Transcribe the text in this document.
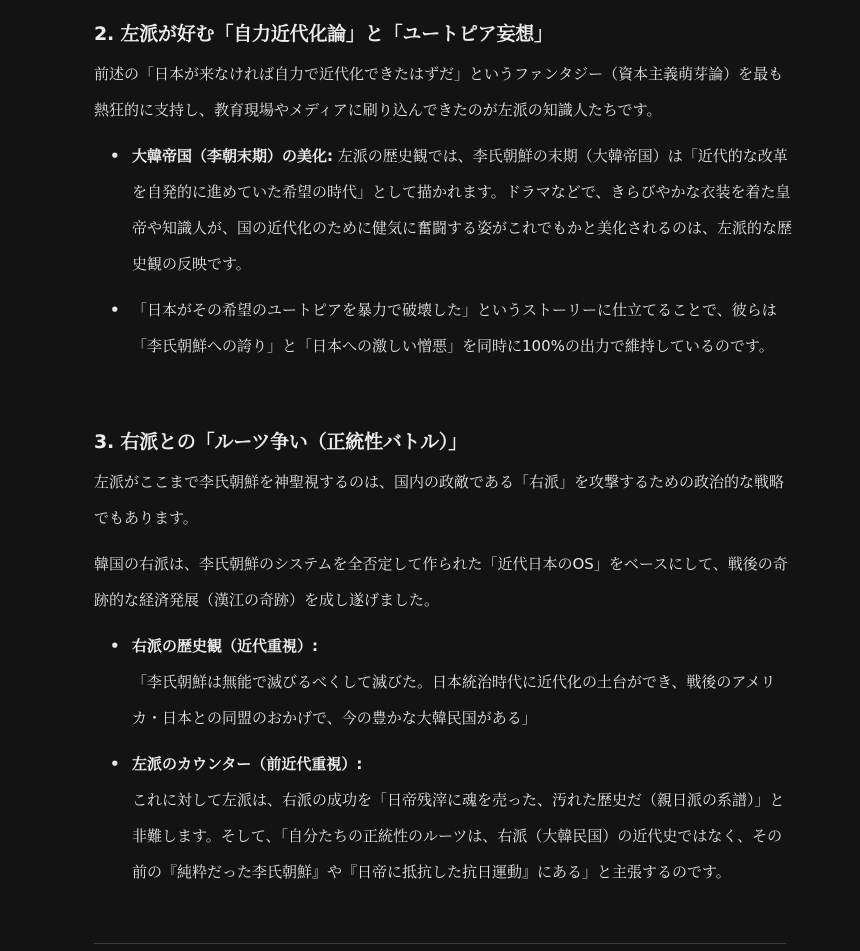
2. 左派が好む「自力近代化論」と「ユートピア妄想」

前述の「日本が来なければ自力で近代化できたはずだ」というファンタジー（資本主義萌芽論）を最も熱狂的に支持し、教育現場やメディアに刷り込んできたのが左派の知識人たちです。

• 大韓帝国（李朝末期）の美化: 左派の歴史観では、李氏朝鮮の末期（大韓帝国）は「近代的な改革を自発的に進めていた希望の時代」として描かれます。ドラマなどで、きらびやかな衣装を着た皇帝や知識人が、国の近代化のために健気に奮闘する姿がこれでもかと美化されるのは、左派的な歴史観の反映です。
• 「日本がその希望のユートピアを暴力で破壊した」というストーリーに仕立てることで、彼らは「李氏朝鮮への誇り」と「日本への激しい憎悪」を同時に100%の出力で維持しているのです。
3. 右派との「ルーツ争い（正統性バトル）」

左派がここまで李氏朝鮮を神聖視するのは、国内の政敵である「右派」を攻撃するための政治的な戦略でもあります。

韓国の右派は、李氏朝鮮のシステムを全否定して作られた「近代日本のOS」をベースにして、戦後の奇跡的な経済発展（漢江の奇跡）を成し遂げました。

• 右派の歴史観（近代重視）:
「李氏朝鮮は無能で滅びるべくして滅びた。日本統治時代に近代化の土台ができ、戦後のアメリカ・日本との同盟のおかげで、今の豊かな大韓民国がある」
• 左派のカウンター（前近代重視）:
これに対して左派は、右派の成功を「日帝残滓に魂を売った、汚れた歴史だ（親日派の系譜）」と非難します。そして、「自分たちの正統性のルーツは、右派（大韓民国）の近代史ではなく、その前の『純粋だった李氏朝鮮』や『日帝に抵抗した抗日運動』にある」と主張するのです。
